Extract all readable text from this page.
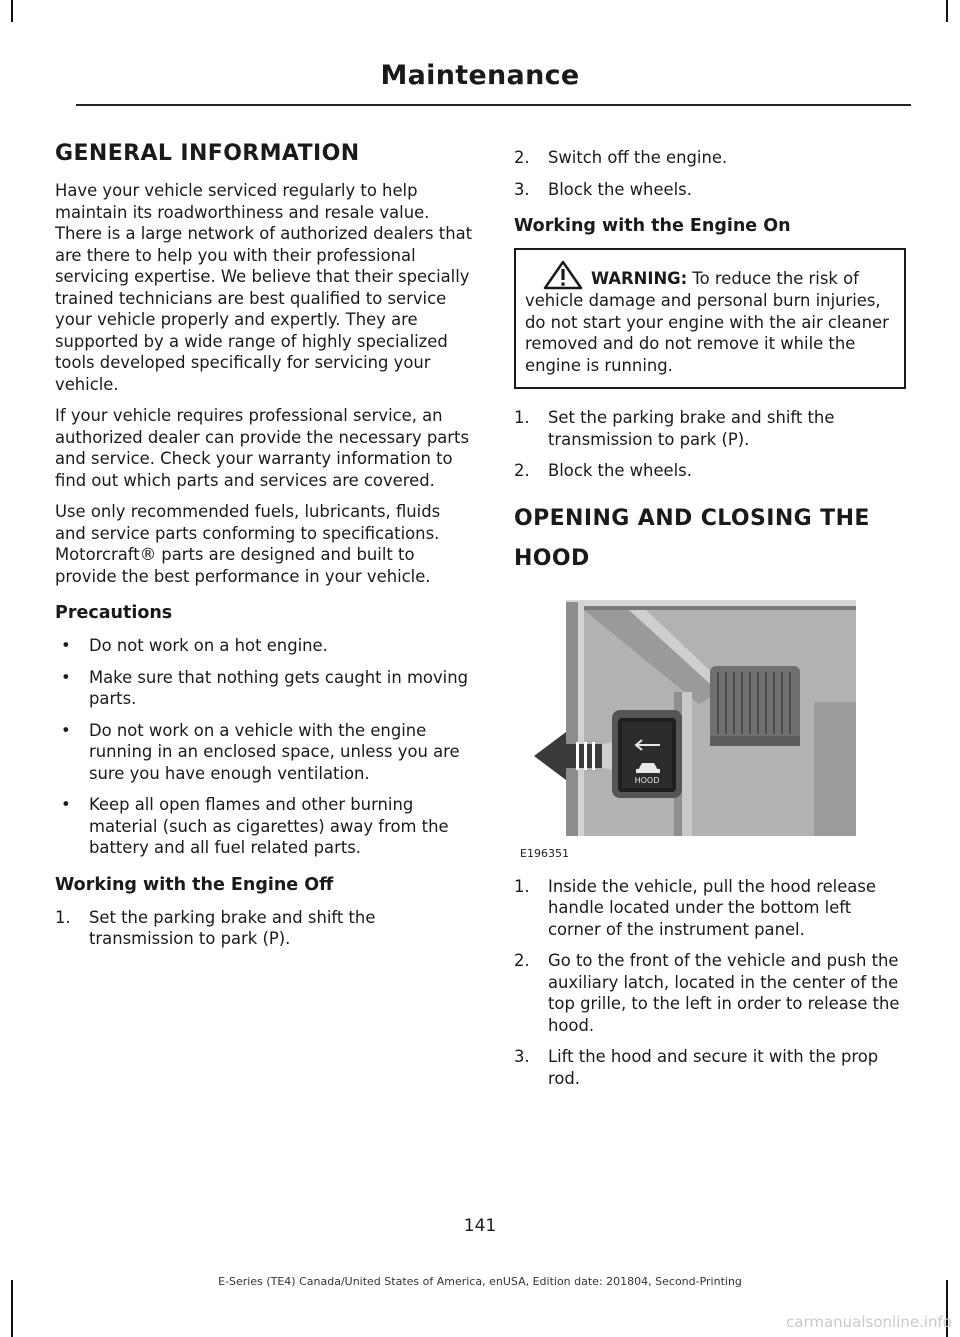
Maintenance
GENERAL INFORMATION

Have your vehicle serviced regularly to help maintain its roadworthiness and resale value. There is a large network of authorized dealers that are there to help you with their professional servicing expertise. We believe that their specially trained technicians are best qualified to service your vehicle properly and expertly. They are supported by a wide range of highly specialized tools developed specifically for servicing your vehicle.

If your vehicle requires professional service, an authorized dealer can provide the necessary parts and service. Check your warranty information to find out which parts and services are covered.

Use only recommended fuels, lubricants, fluids and service parts conforming to specifications. Motorcraft® parts are designed and built to provide the best performance in your vehicle.

Precautions
• Do not work on a hot engine.
• Make sure that nothing gets caught in moving parts.
• Do not work on a vehicle with the engine running in an enclosed space, unless you are sure you have enough ventilation.
• Keep all open flames and other burning material (such as cigarettes) away from the battery and all fuel related parts.
Working with the Engine Off
1. Set the parking brake and shift the transmission to park (P).
2. Switch off the engine.
3. Block the wheels.
Working with the Engine On
WARNING: To reduce the risk of vehicle damage and personal burn injuries, do not start your engine with the air cleaner removed and do not remove it while the engine is running.
1. Set the parking brake and shift the transmission to park (P).
2. Block the wheels.
OPENING AND CLOSING THE
HOOD
HOOD
E196351
1. Inside the vehicle, pull the hood release handle located under the bottom left corner of the instrument panel.
2. Go to the front of the vehicle and push the auxiliary latch, located in the center of the top grille, to the left in order to release the hood.
3. Lift the hood and secure it with the prop rod.
141
E-Series (TE4) Canada/United States of America, enUSA, Edition date: 201804, Second-Printing
carmanualsonline.info
